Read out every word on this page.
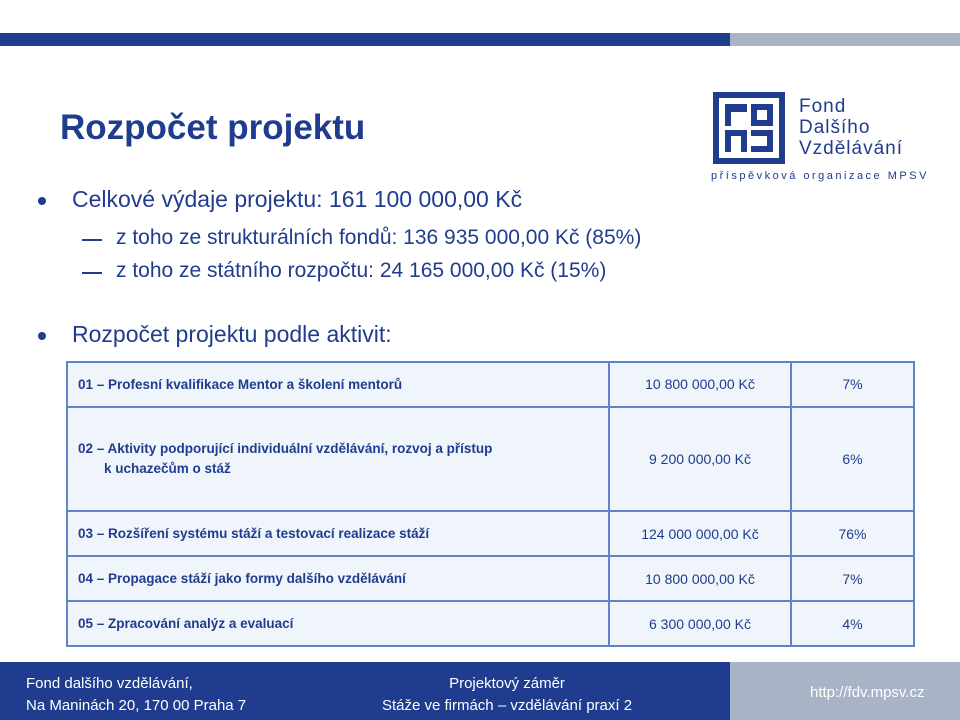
Rozpočet projektu
Fond
Dalšího
Vzdělávání
příspěvková organizace MPSV
Celkové výdaje projektu: 161 100 000,00 Kč
z toho ze strukturálních fondů: 136 935 000,00 Kč (85%)
z toho ze státního rozpočtu: 24 165 000,00 Kč (15%)
Rozpočet projektu podle aktivit:
01 – Profesní kvalifikace Mentor a školení mentorů	10 800 000,00 Kč	7%

02 – Aktivity podporující individuální vzdělávání, rozvoj a přístup
k uchazečům o stáž	9 200 000,00 Kč	6%
03 – Rozšíření systému stáží a testovací realizace stáží	124 000 000,00 Kč	76%
04 – Propagace stáží jako formy dalšího vzdělávání	10 800 000,00 Kč	7%
05 – Zpracování analýz a evaluací	6 300 000,00 Kč	4%
Fond dalšího vzdělávání,
Na Maninách 20, 170 00 Praha 7
Projektový záměr
Stáže ve firmách – vzdělávání praxí 2
http://fdv.mpsv.cz
